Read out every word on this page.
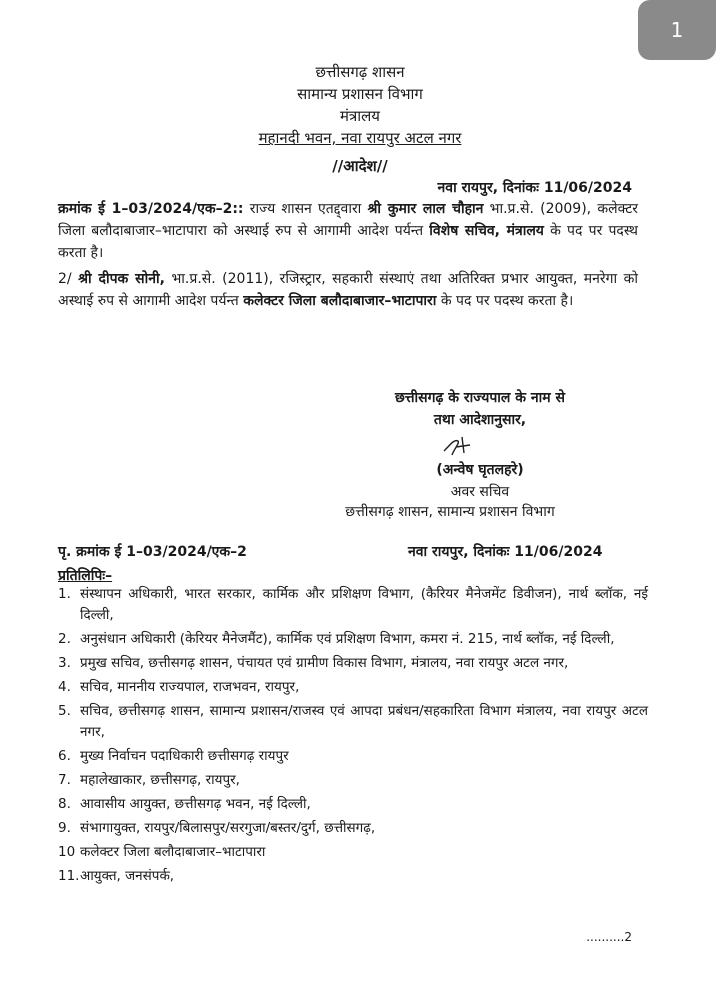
1
छत्तीसगढ़ शासन
सामान्य प्रशासन विभाग
मंत्रालय
महानदी भवन, नवा रायपुर अटल नगर
//आदेश//
नवा रायपुर, दिनांकः 11/06/2024
क्रमांक ई 1–03/2024/एक–2:: राज्य शासन एतद्द्वारा श्री कुमार लाल चौहान भा.प्र.से. (2009), कलेक्टर जिला बलौदाबाजार–भाटापारा को अस्थाई रुप से आगामी आदेश पर्यन्त विशेष सचिव, मंत्रालय के पद पर पदस्थ करता है।
2/ श्री दीपक सोनी, भा.प्र.से. (2011), रजिस्ट्रार, सहकारी संस्थाएं तथा अतिरिक्त प्रभार आयुक्त, मनरेगा को अस्थाई रुप से आगामी आदेश पर्यन्त कलेक्टर जिला बलौदाबाजार–भाटापारा के पद पर पदस्थ करता है।
छत्तीसगढ़ के राज्यपाल के नाम से
तथा आदेशानुसार,
(अन्वेष घृतलहरे)
अवर सचिव
छत्तीसगढ़ शासन, सामान्य प्रशासन विभाग
पृ. क्रमांक ई 1–03/2024/एक–2	नवा रायपुर, दिनांकः 11/06/2024
प्रतिलिपिः–
1. संस्थापन अधिकारी, भारत सरकार, कार्मिक और प्रशिक्षण विभाग, (कैरियर मैनेजमेंट डिवीजन), नार्थ ब्लॉक, नई दिल्ली,
2. अनुसंधान अधिकारी (केरियर मैनेजमैंट), कार्मिक एवं प्रशिक्षण विभाग, कमरा नं. 215, नार्थ ब्लॉक, नई दिल्ली,
3. प्रमुख सचिव, छत्तीसगढ़ शासन, पंचायत एवं ग्रामीण विकास विभाग, मंत्रालय, नवा रायपुर अटल नगर,
4. सचिव, माननीय राज्यपाल, राजभवन, रायपुर,
5. सचिव, छत्तीसगढ़ शासन, सामान्य प्रशासन/राजस्व एवं आपदा प्रबंधन/सहकारिता विभाग मंत्रालय, नवा रायपुर अटल नगर,
6. मुख्य निर्वाचन पदाधिकारी छत्तीसगढ़ रायपुर
7. महालेखाकार, छत्तीसगढ़, रायपुर,
8. आवासीय आयुक्त, छत्तीसगढ़ भवन, नई दिल्ली,
9. संभागायुक्त, रायपुर/बिलासपुर/सरगुजा/बस्तर/दुर्ग, छत्तीसगढ़,
10 कलेक्टर जिला बलौदाबाजार–भाटापारा
11. आयुक्त, जनसंपर्क,
..........2
